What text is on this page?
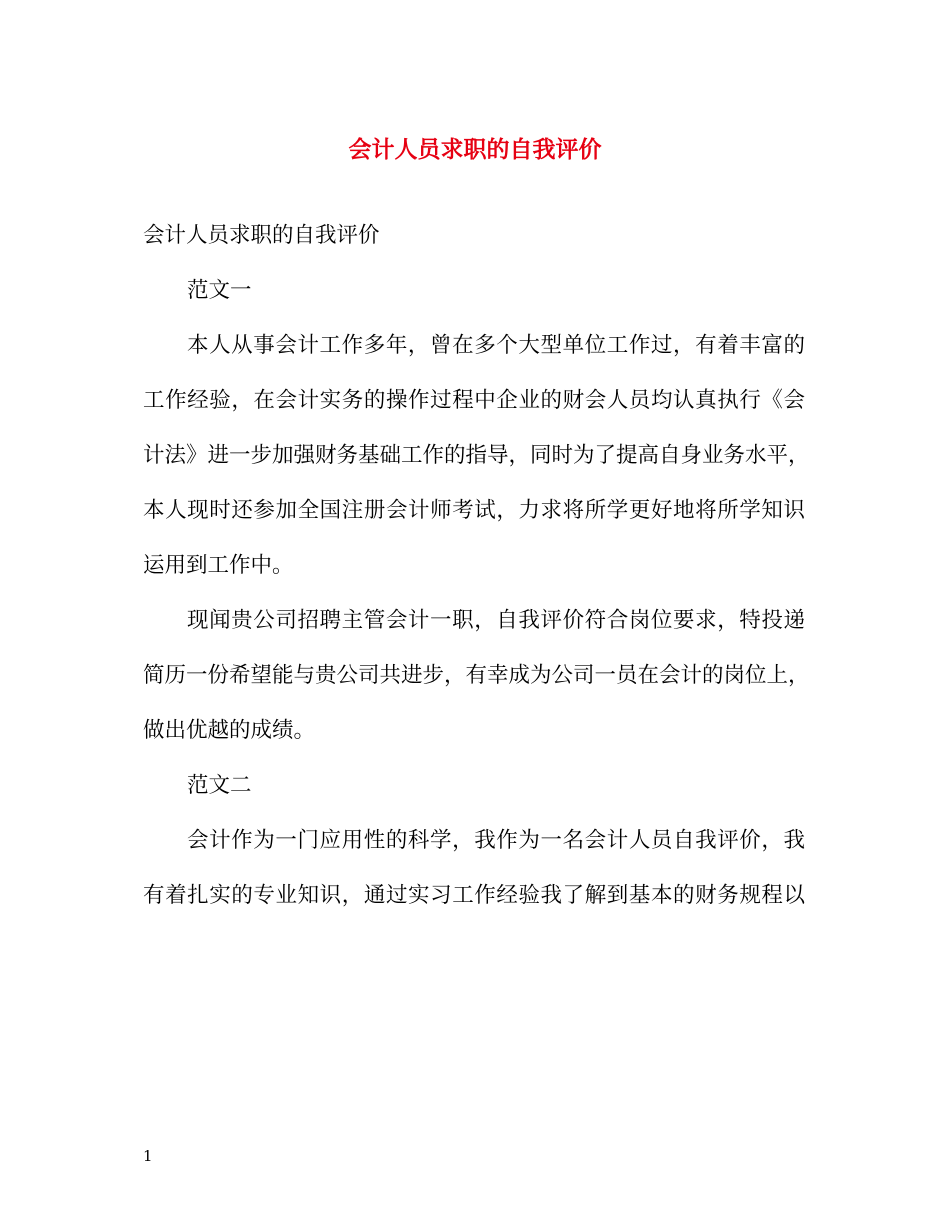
会计人员求职的自我评价
会计人员求职的自我评价
范文一
本人从事会计工作多年，曾在多个大型单位工作过，有着丰富的
工作经验，在会计实务的操作过程中企业的财会人员均认真执行《会
计法》进一步加强财务基础工作的指导，同时为了提高自身业务水平，
本人现时还参加全国注册会计师考试，力求将所学更好地将所学知识
运用到工作中。
现闻贵公司招聘主管会计一职，自我评价符合岗位要求，特投递
简历一份希望能与贵公司共进步，有幸成为公司一员在会计的岗位上，
做出优越的成绩。
范文二
会计作为一门应用性的科学，我作为一名会计人员自我评价，我
有着扎实的专业知识，通过实习工作经验我了解到基本的财务规程以
1
